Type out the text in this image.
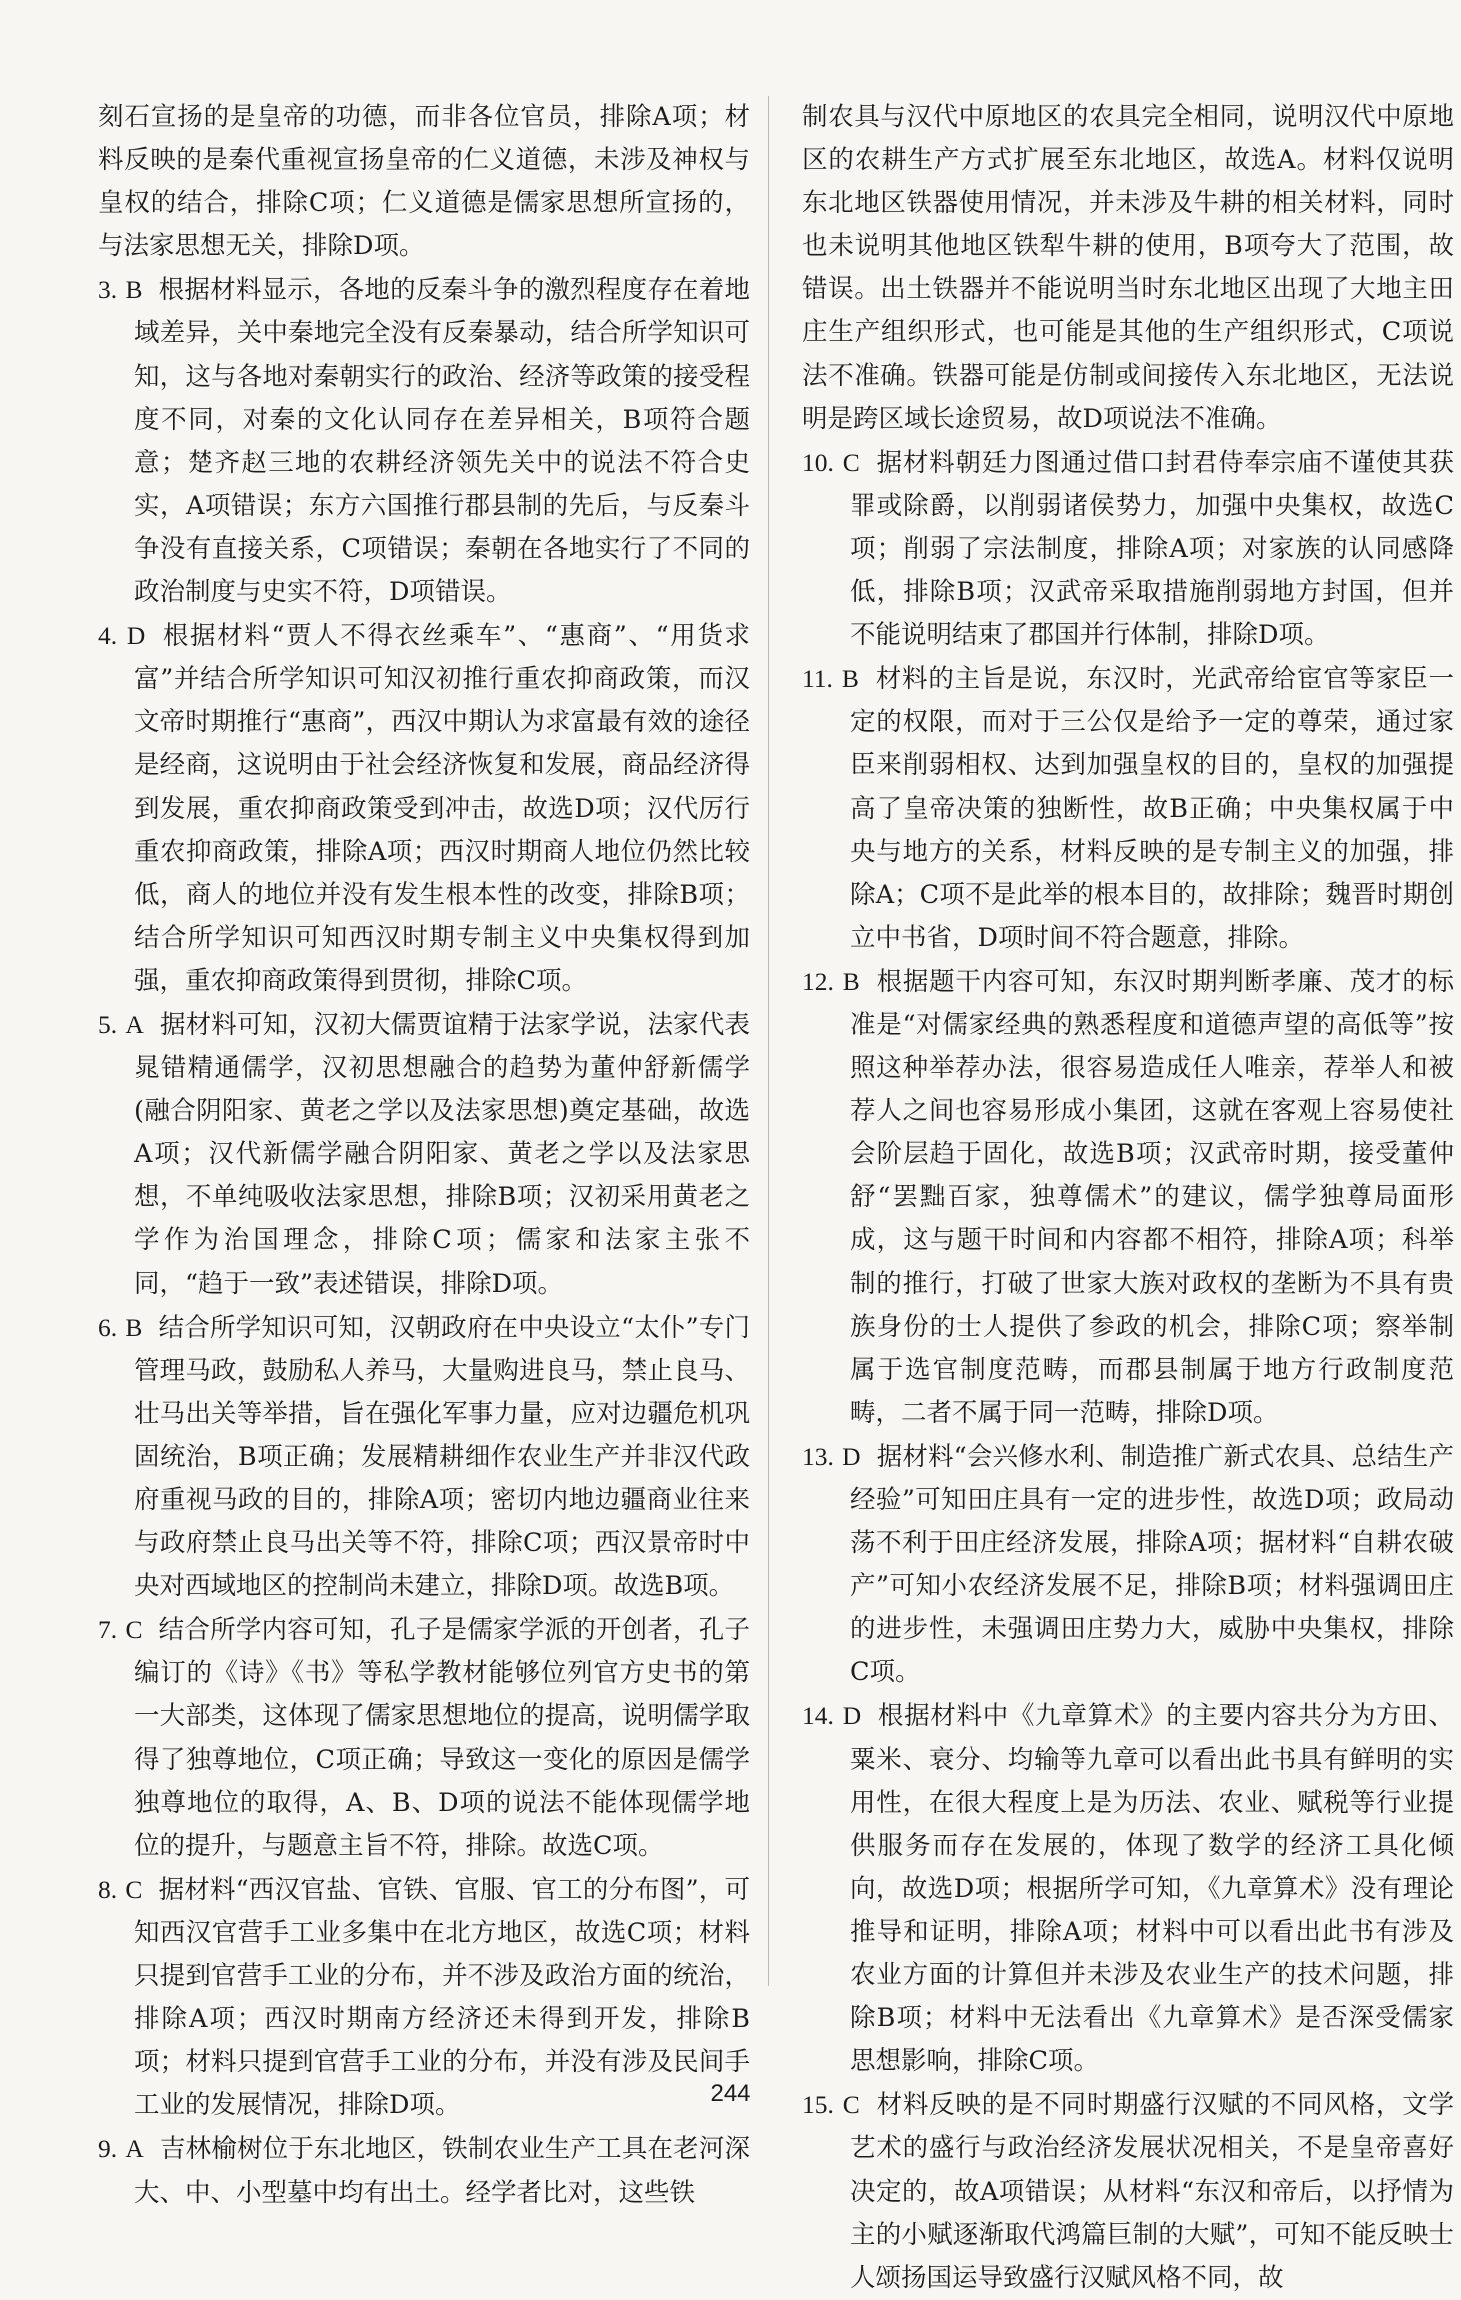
刻石宣扬的是皇帝的功德，而非各位官员，排除A项；材料反映的是秦代重视宣扬皇帝的仁义道德，未涉及神权与皇权的结合，排除C项；仁义道德是儒家思想所宣扬的，与法家思想无关，排除D项。

3. B 根据材料显示，各地的反秦斗争的激烈程度存在着地域差异，关中秦地完全没有反秦暴动，结合所学知识可知，这与各地对秦朝实行的政治、经济等政策的接受程度不同，对秦的文化认同存在差异相关，B项符合题意；楚齐赵三地的农耕经济领先关中的说法不符合史实，A项错误；东方六国推行郡县制的先后，与反秦斗争没有直接关系，C项错误；秦朝在各地实行了不同的政治制度与史实不符，D项错误。

4. D 根据材料“贾人不得衣丝乘车”、“惠商”、“用货求富”并结合所学知识可知汉初推行重农抑商政策，而汉文帝时期推行“惠商”，西汉中期认为求富最有效的途径是经商，这说明由于社会经济恢复和发展，商品经济得到发展，重农抑商政策受到冲击，故选D项；汉代厉行重农抑商政策，排除A项；西汉时期商人地位仍然比较低，商人的地位并没有发生根本性的改变，排除B项；结合所学知识可知西汉时期专制主义中央集权得到加强，重农抑商政策得到贯彻，排除C项。

5. A 据材料可知，汉初大儒贾谊精于法家学说，法家代表晁错精通儒学，汉初思想融合的趋势为董仲舒新儒学(融合阴阳家、黄老之学以及法家思想)奠定基础，故选A项；汉代新儒学融合阴阳家、黄老之学以及法家思想，不单纯吸收法家思想，排除B项；汉初采用黄老之学作为治国理念，排除C项；儒家和法家主张不同，“趋于一致”表述错误，排除D项。

6. B 结合所学知识可知，汉朝政府在中央设立“太仆”专门管理马政，鼓励私人养马，大量购进良马，禁止良马、壮马出关等举措，旨在强化军事力量，应对边疆危机巩固统治，B项正确；发展精耕细作农业生产并非汉代政府重视马政的目的，排除A项；密切内地边疆商业往来与政府禁止良马出关等不符，排除C项；西汉景帝时中央对西域地区的控制尚未建立，排除D项。故选B项。

7. C 结合所学内容可知，孔子是儒家学派的开创者，孔子编订的《诗》《书》等私学教材能够位列官方史书的第一大部类，这体现了儒家思想地位的提高，说明儒学取得了独尊地位，C项正确；导致这一变化的原因是儒学独尊地位的取得，A、B、D项的说法不能体现儒学地位的提升，与题意主旨不符，排除。故选C项。

8. C 据材料“西汉官盐、官铁、官服、官工的分布图”，可知西汉官营手工业多集中在北方地区，故选C项；材料只提到官营手工业的分布，并不涉及政治方面的统治，排除A项；西汉时期南方经济还未得到开发，排除B项；材料只提到官营手工业的分布，并没有涉及民间手工业的发展情况，排除D项。

9. A 吉林榆树位于东北地区，铁制农业生产工具在老河深大、中、小型墓中均有出土。经学者比对，这些铁

制农具与汉代中原地区的农具完全相同，说明汉代中原地区的农耕生产方式扩展至东北地区，故选A。材料仅说明东北地区铁器使用情况，并未涉及牛耕的相关材料，同时也未说明其他地区铁犁牛耕的使用，B项夸大了范围，故错误。出土铁器并不能说明当时东北地区出现了大地主田庄生产组织形式，也可能是其他的生产组织形式，C项说法不准确。铁器可能是仿制或间接传入东北地区，无法说明是跨区域长途贸易，故D项说法不准确。

10. C 据材料朝廷力图通过借口封君侍奉宗庙不谨使其获罪或除爵，以削弱诸侯势力，加强中央集权，故选C项；削弱了宗法制度，排除A项；对家族的认同感降低，排除B项；汉武帝采取措施削弱地方封国，但并不能说明结束了郡国并行体制，排除D项。

11. B 材料的主旨是说，东汉时，光武帝给宦官等家臣一定的权限，而对于三公仅是给予一定的尊荣，通过家臣来削弱相权、达到加强皇权的目的，皇权的加强提高了皇帝决策的独断性，故B正确；中央集权属于中央与地方的关系，材料反映的是专制主义的加强，排除A；C项不是此举的根本目的，故排除；魏晋时期创立中书省，D项时间不符合题意，排除。

12. B 根据题干内容可知，东汉时期判断孝廉、茂才的标准是“对儒家经典的熟悉程度和道德声望的高低等”按照这种举荐办法，很容易造成任人唯亲，荐举人和被荐人之间也容易形成小集团，这就在客观上容易使社会阶层趋于固化，故选B项；汉武帝时期，接受董仲舒“罢黜百家，独尊儒术”的建议，儒学独尊局面形成，这与题干时间和内容都不相符，排除A项；科举制的推行，打破了世家大族对政权的垄断为不具有贵族身份的士人提供了参政的机会，排除C项；察举制属于选官制度范畴，而郡县制属于地方行政制度范畴，二者不属于同一范畴，排除D项。

13. D 据材料“会兴修水利、制造推广新式农具、总结生产经验”可知田庄具有一定的进步性，故选D项；政局动荡不利于田庄经济发展，排除A项；据材料“自耕农破产”可知小农经济发展不足，排除B项；材料强调田庄的进步性，未强调田庄势力大，威胁中央集权，排除C项。

14. D 根据材料中《九章算术》的主要内容共分为方田、粟米、衰分、均输等九章可以看出此书具有鲜明的实用性，在很大程度上是为历法、农业、赋税等行业提供服务而存在发展的，体现了数学的经济工具化倾向，故选D项；根据所学可知，《九章算术》没有理论推导和证明，排除A项；材料中可以看出此书有涉及农业方面的计算但并未涉及农业生产的技术问题，排除B项；材料中无法看出《九章算术》是否深受儒家思想影响，排除C项。

15. C 材料反映的是不同时期盛行汉赋的不同风格，文学艺术的盛行与政治经济发展状况相关，不是皇帝喜好决定的，故A项错误；从材料“东汉和帝后，以抒情为主的小赋逐渐取代鸿篇巨制的大赋”，可知不能反映士人颂扬国运导致盛行汉赋风格不同，故

244
